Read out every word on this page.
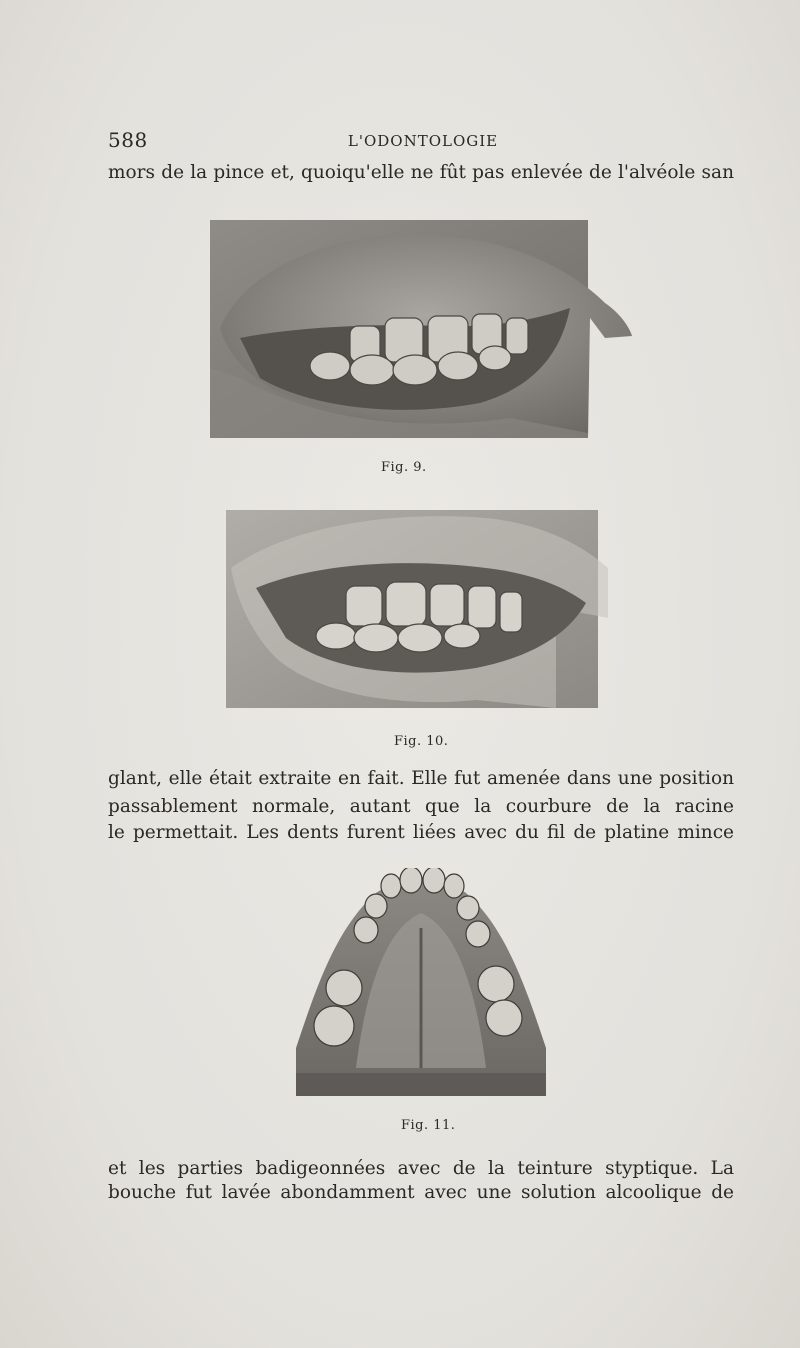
588	L'ODONTOLOGIE
mors de la pince et, quoiqu'elle ne fût pas enlevée de l'alvéole san
Fig. 9.
Fig. 10.
glant, elle était extraite en fait. Elle fut amenée dans une position
passablement normale, autant que la courbure de la racine
le permettait. Les dents furent liées avec du fil de platine mince
Fig. 11.
et les parties badigeonnées avec de la teinture styptique. La
bouche fut lavée abondamment avec une solution alcoolique de
